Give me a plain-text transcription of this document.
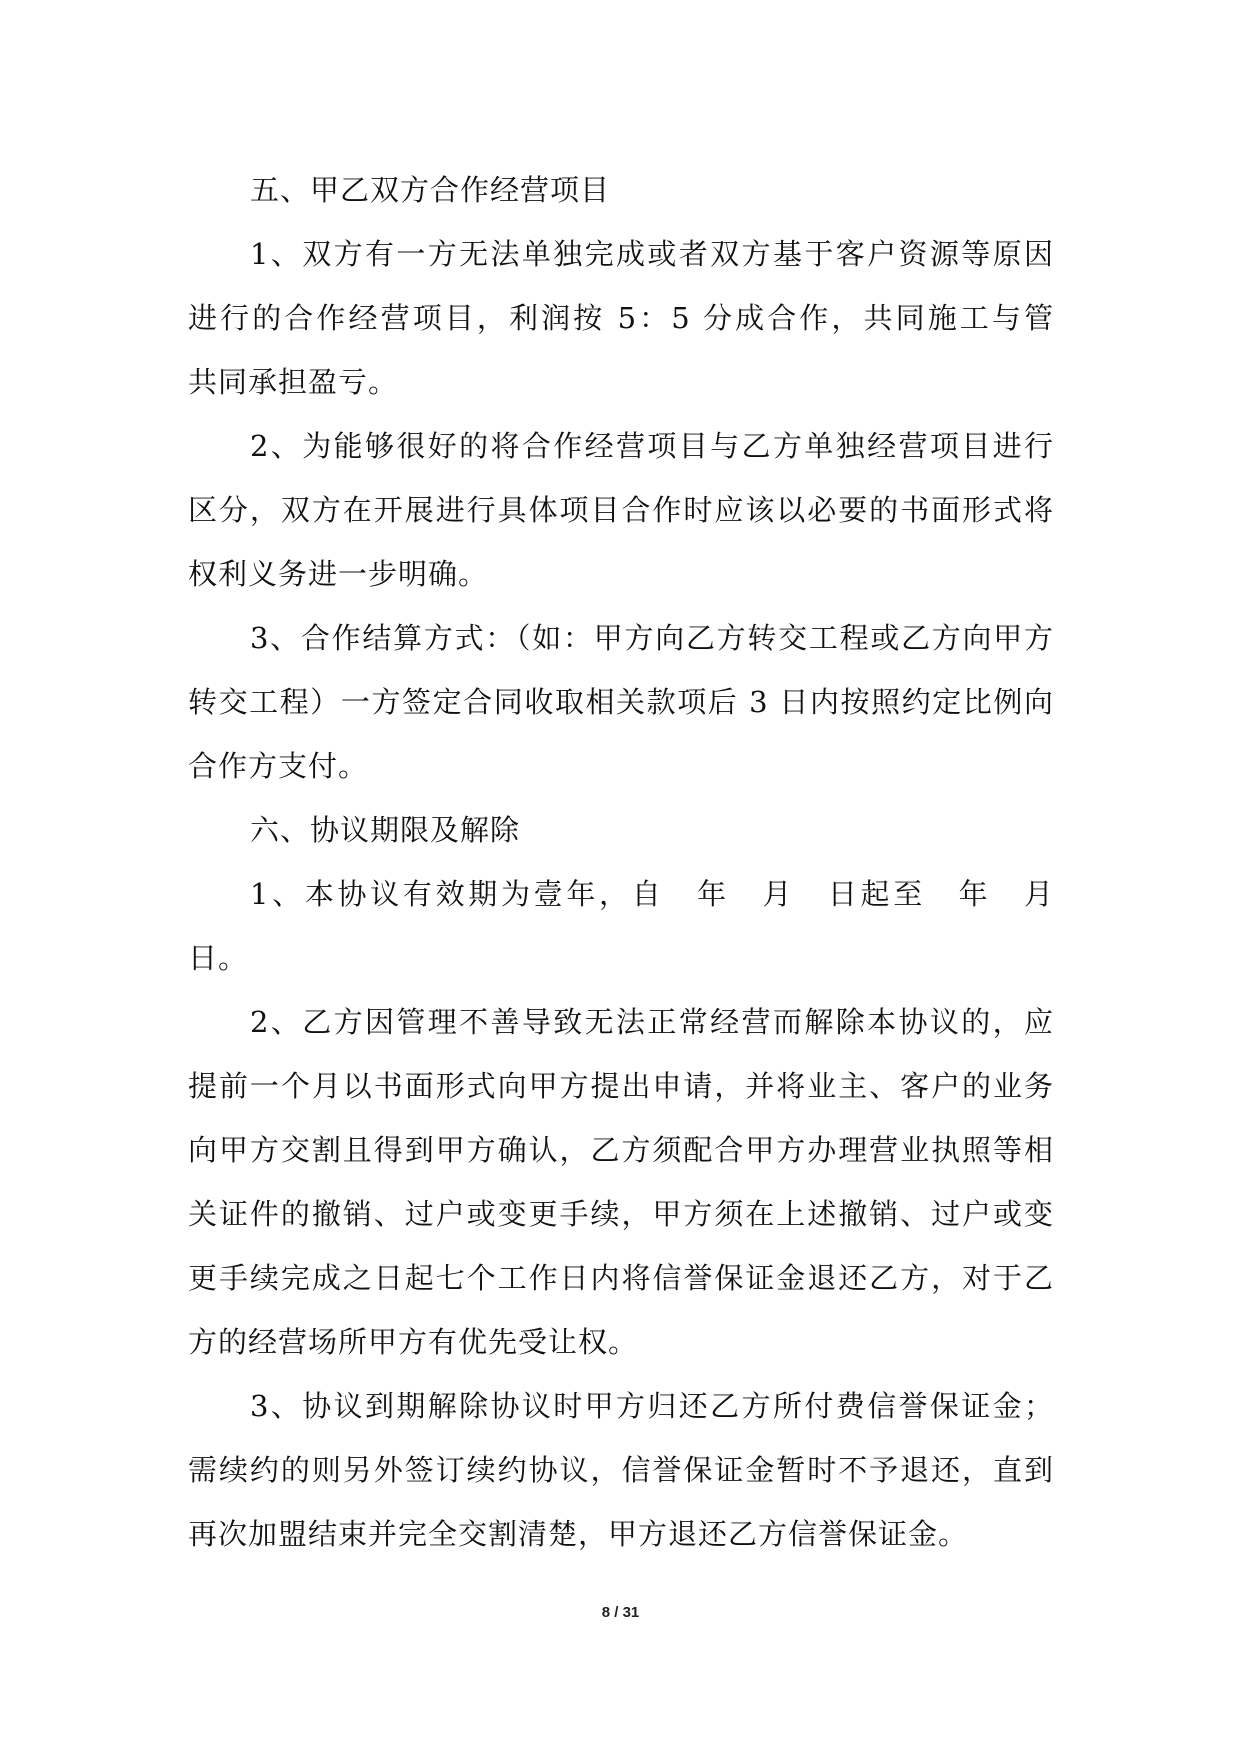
五、甲乙双方合作经营项目
1、双方有一方无法单独完成或者双方基于客户资源等原因
进行的合作经营项目，利润按 5：5 分成合作，共同施工与管
共同承担盈亏。
2、为能够很好的将合作经营项目与乙方单独经营项目进行
区分，双方在开展进行具体项目合作时应该以必要的书面形式将
权利义务进一步明确。
3、合作结算方式：（如：甲方向乙方转交工程或乙方向甲方
转交工程）一方签定合同收取相关款项后 3 日内按照约定比例向
合作方支付。
六、协议期限及解除
1、本协议有效期为壹年，自　年　月　日起至　年　月
日。
2、乙方因管理不善导致无法正常经营而解除本协议的，应
提前一个月以书面形式向甲方提出申请，并将业主、客户的业务
向甲方交割且得到甲方确认，乙方须配合甲方办理营业执照等相
关证件的撤销、过户或变更手续，甲方须在上述撤销、过户或变
更手续完成之日起七个工作日内将信誉保证金退还乙方，对于乙
方的经营场所甲方有优先受让权。
3、协议到期解除协议时甲方归还乙方所付费信誉保证金；
需续约的则另外签订续约协议，信誉保证金暂时不予退还，直到
再次加盟结束并完全交割清楚，甲方退还乙方信誉保证金。
8 / 31
